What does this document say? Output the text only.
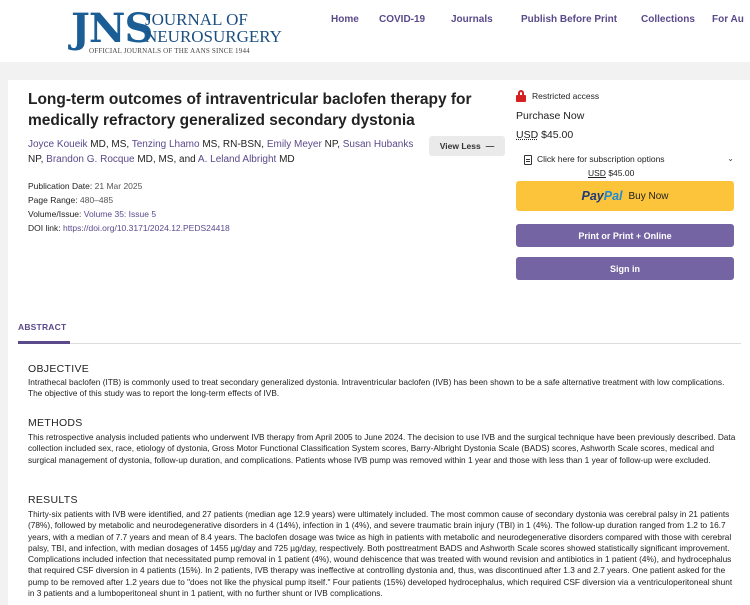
JNS
JOURNAL OF
NEUROSURGERY
OFFICIAL JOURNALS OF THE AANS SINCE 1944
Home COVID-19	Journals	Publish Before Print Collections For Au
Long-term outcomes of intraventricular baclofen therapy for medically refractory generalized secondary dystonia
Joyce Koueik MD, MS, Tenzing Lhamo MS, RN-BSN, Emily Meyer NP, Susan Hubanks NP, Brandon G. Rocque MD, MS, and A. Leland Albright MD
View Less —
Publication Date: 21 Mar 2025
Page Range: 480–485
Volume/Issue: Volume 35: Issue 5
DOI link: https://doi.org/10.3171/2024.12.PEDS24418
Restricted access
Purchase Now
USD $45.00
Click here for subscription options	⌄
USD $45.00
PayPal Buy Now
Print or Print + Online
Sign in
ABSTRACT
OBJECTIVE

Intrathecal baclofen (ITB) is commonly used to treat secondary generalized dystonia. Intraventricular baclofen (IVB) has been shown to be a safe alternative treatment with low complications. The objective of this study was to report the long-term effects of IVB.

METHODS

This retrospective analysis included patients who underwent IVB therapy from April 2005 to June 2024. The decision to use IVB and the surgical technique have been previously described. Data collection included sex, race, etiology of dystonia, Gross Motor Functional Classification System scores, Barry-Albright Dystonia Scale (BADS) scores, Ashworth Scale scores, medical and surgical management of dystonia, follow-up duration, and complications. Patients whose IVB pump was removed within 1 year and those with less than 1 year of follow-up were excluded.

RESULTS

Thirty-six patients with IVB were identified, and 27 patients (median age 12.9 years) were ultimately included. The most common cause of secondary dystonia was cerebral palsy in 21 patients (78%), followed by metabolic and neurodegenerative disorders in 4 (14%), infection in 1 (4%), and severe traumatic brain injury (TBI) in 1 (4%). The follow-up duration ranged from 1.2 to 16.7 years, with a median of 7.7 years and mean of 8.4 years. The baclofen dosage was twice as high in patients with metabolic and neurodegenerative disorders compared with those with cerebral palsy, TBI, and infection, with median dosages of 1455 µg/day and 725 µg/day, respectively. Both posttreatment BADS and Ashworth Scale scores showed statistically significant improvement. Complications included infection that necessitated pump removal in 1 patient (4%), wound dehiscence that was treated with wound revision and antibiotics in 1 patient (4%), and hydrocephalus that required CSF diversion in 4 patients (15%). In 2 patients, IVB therapy was ineffective at controlling dystonia and, thus, was discontinued after 1.3 and 2.7 years. One patient asked for the pump to be removed after 1.2 years due to "does not like the physical pump itself." Four patients (15%) developed hydrocephalus, which required CSF diversion via a ventriculoperitoneal shunt in 3 patients and a lumboperitoneal shunt in 1 patient, with no further shunt or IVB complications.
